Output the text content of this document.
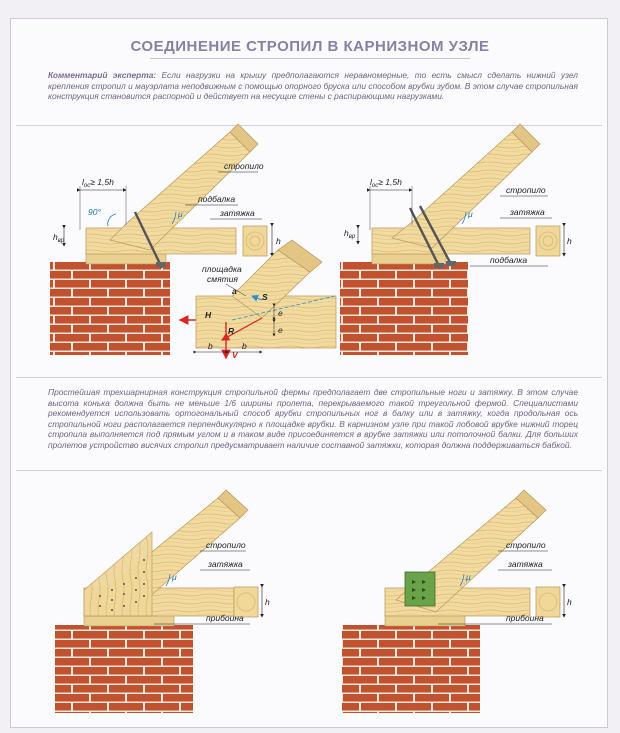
СОЕДИНЕНИЕ СТРОПИЛ В КАРНИЗНОМ УЗЛЕ
Комментарий эксперта: Если нагрузки на крышу предполагаются неравномерные, то есть смысл сделать нижний узел крепления стропил и мауэрлата неподвижным с помощью опорного бруска или способом врубки зубом. В этом случае стропильная конструкция становится распорной и действует на несущие стены с распирающими нагрузками.
Простейшая трехшарнирная конструкция стропильной фермы предполагает две стропильные ноги и затяжку. В этом случае высота конька должна быть не меньше 1/6 ширины пролета, перекрываемого такой треугольной фермой. Специалистами рекомендуется использовать ортогональный способ врубки стропильных ног в балку или в затяжку, когда продольная ось стропильной ноги располагается перпендикулярно к площадке врубки. В карнизном узле при такой лобовой врубке нижний торец стропила выполняется под прямым углом и в таком виде присоединяется в врубке затяжки или потолочной балки. Для больших пролетов устройство висячих стропил предусматривает наличие составной затяжки, которая должна поддерживаться бабкой.
$l_{ос}\ge 1,5h$
90°
$h_{вр}$	h
μ
стропило
подбалка
затяжка
площадка
смятия
a
S
H
R
V
e
e
b	b
$l_{ос}\ge 1,5h$
$h_{вр}$	h
μ
стропило
затяжка
подбалка
h
μ
стропило
затяжка
прибоина
h
μ
стропило
затяжка
прибоина
